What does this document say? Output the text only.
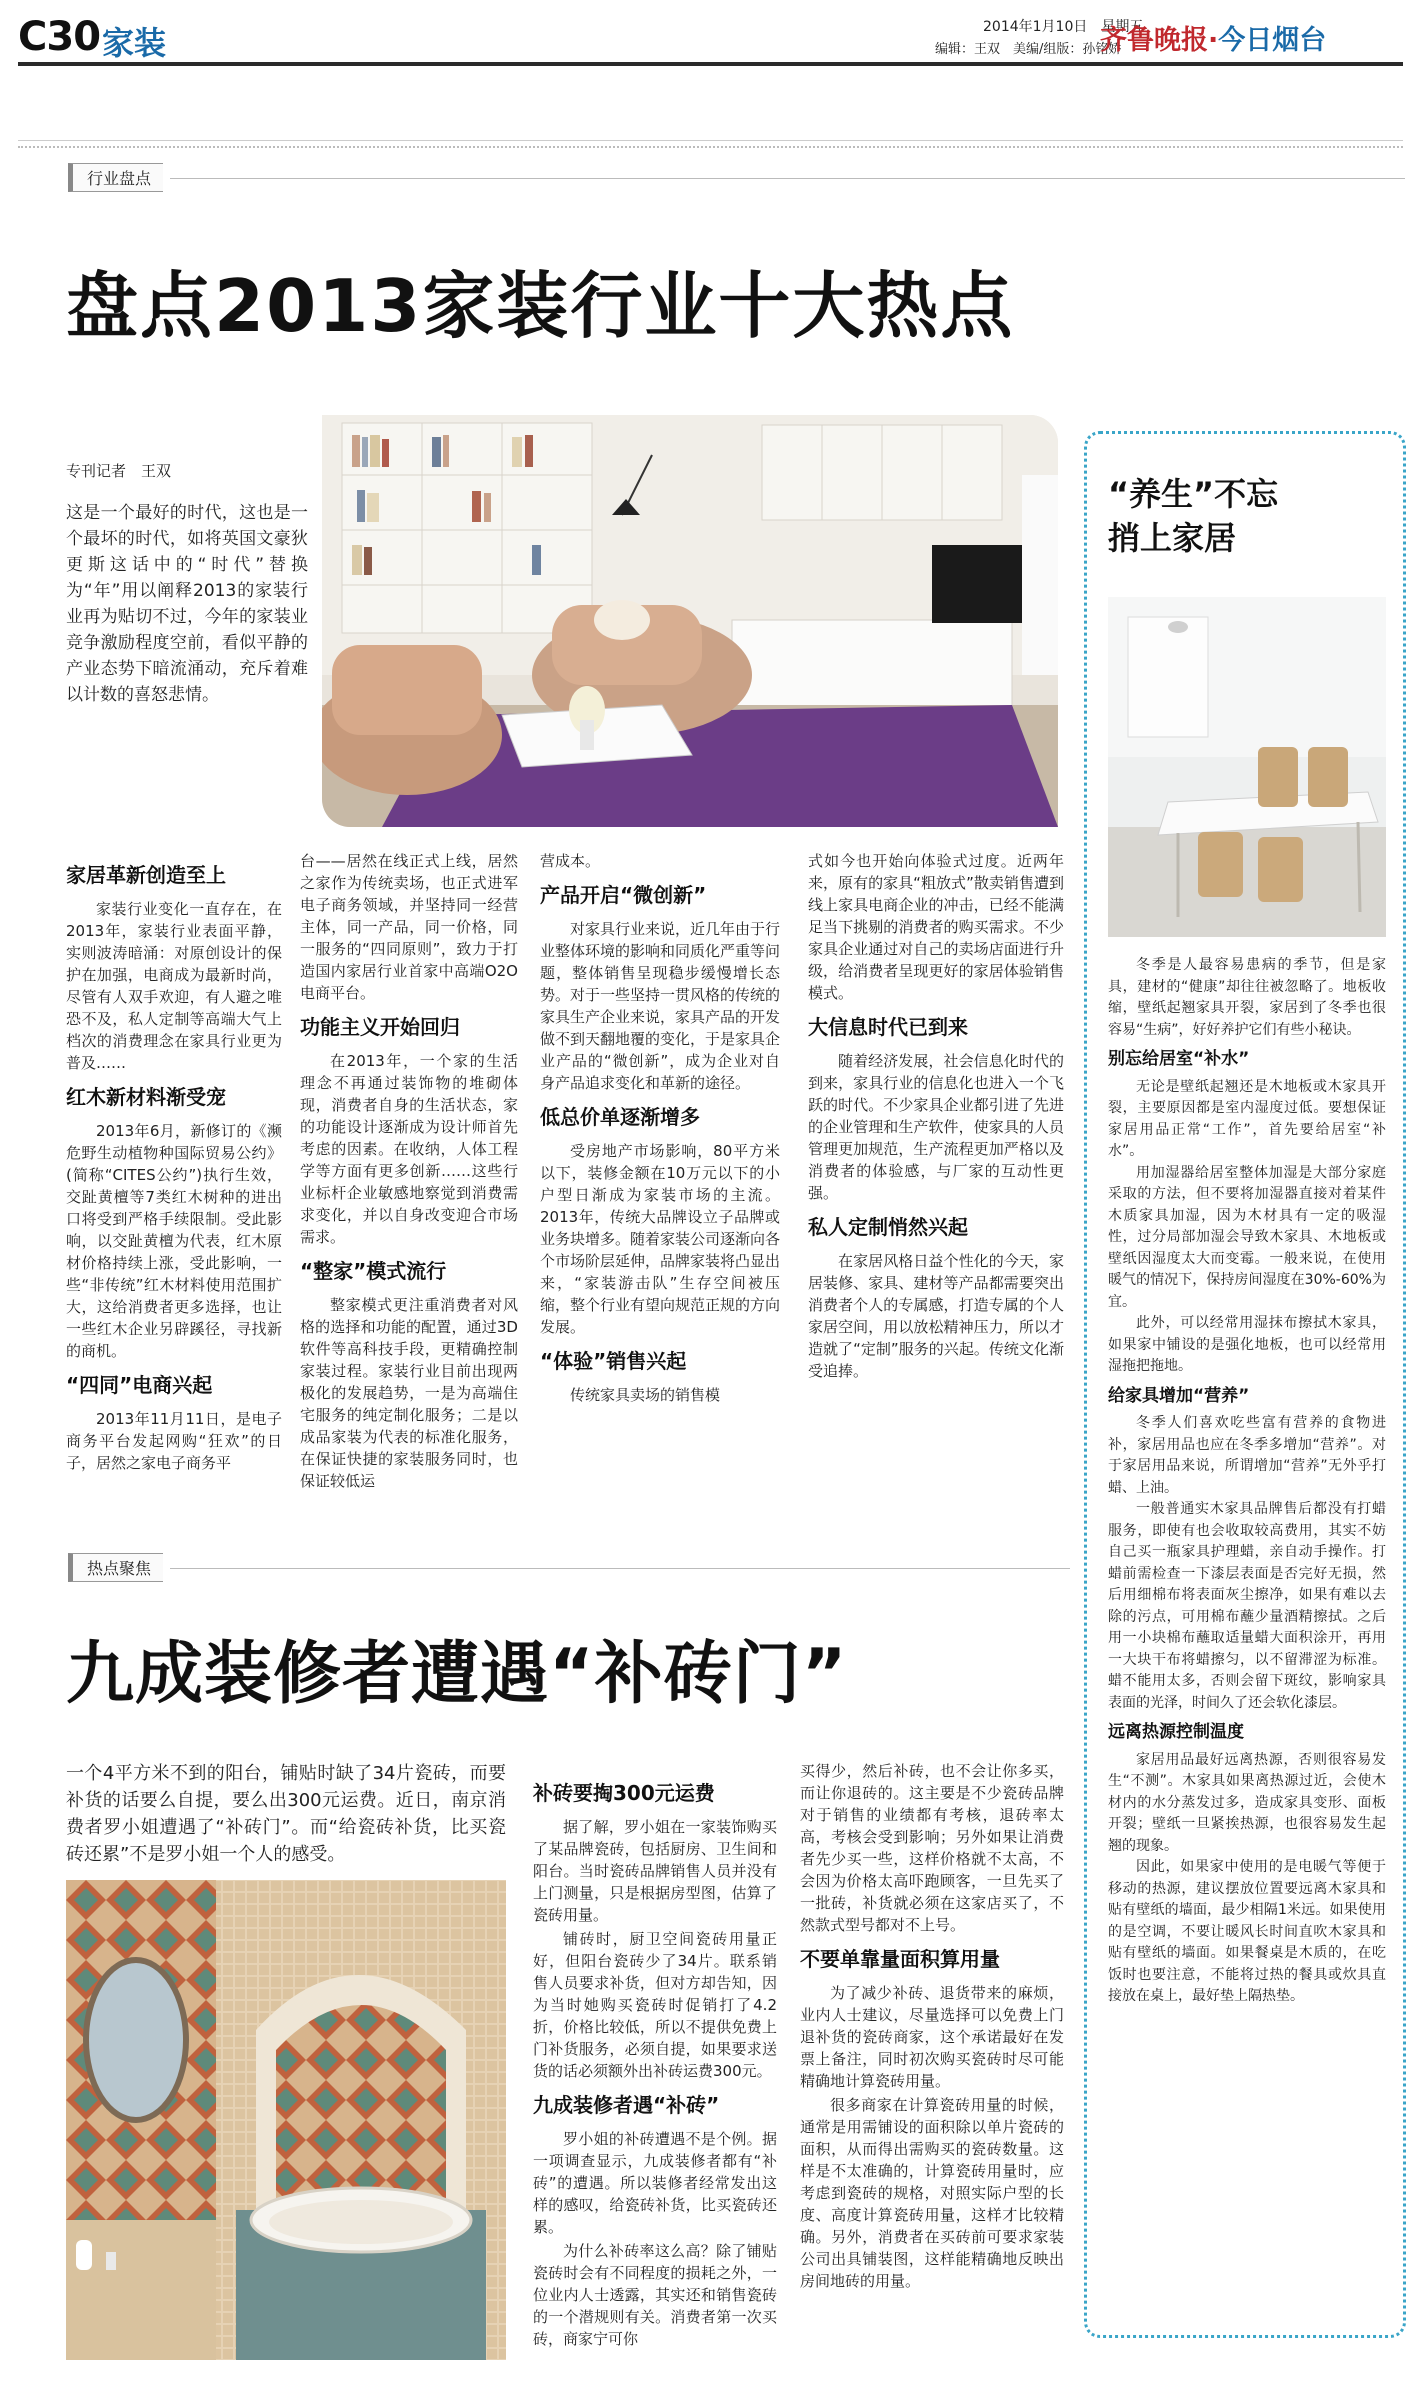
C30 家装	2014年1月10日　星期五
编辑：王双　美编/组版：孙铭娇
齐鲁晚报·今日烟台
行业盘点
盘点2013家装行业十大热点
专刊记者　王双
这是一个最好的时代，这也是一个最坏的时代，如将英国文豪狄更斯这话中的“时代”替换为“年”用以阐释2013的家装行业再为贴切不过，今年的家装业竞争激励程度空前，看似平静的产业态势下暗流涌动，充斥着难以计数的喜怒悲情。
家居革新创造至上

家装行业变化一直存在，在2013年，家装行业表面平静，实则波涛暗涌：对原创设计的保护在加强，电商成为最新时尚，尽管有人双手欢迎，有人避之唯恐不及，私人定制等高端大气上档次的消费理念在家具行业更为普及……

红木新材料渐受宠

2013年6月，新修订的《濒危野生动植物种国际贸易公约》(简称“CITES公约”)执行生效，交趾黄檀等7类红木树种的进出口将受到严格手续限制。受此影响，以交趾黄檀为代表，红木原材价格持续上涨，受此影响，一些“非传统”红木材料使用范围扩大，这给消费者更多选择，也让一些红木企业另辟蹊径，寻找新的商机。

“四同”电商兴起

2013年11月11日，是电子商务平台发起网购“狂欢”的日子，居然之家电子商务平

台——居然在线正式上线，居然之家作为传统卖场，也正式进军电子商务领域，并坚持同一经营主体，同一产品，同一价格，同一服务的“四同原则”，致力于打造国内家居行业首家中高端O2O电商平台。

功能主义开始回归

在2013年，一个家的生活理念不再通过装饰物的堆砌体现，消费者自身的生活状态，家的功能设计逐渐成为设计师首先考虑的因素。在收纳，人体工程学等方面有更多创新……这些行业标杆企业敏感地察觉到消费需求变化，并以自身改变迎合市场需求。

“整家”模式流行

整家模式更注重消费者对风格的选择和功能的配置，通过3D软件等高科技手段，更精确控制家装过程。家装行业目前出现两极化的发展趋势，一是为高端住宅服务的纯定制化服务；二是以成品家装为代表的标准化服务，在保证快捷的家装服务同时，也保证较低运

营成本。

产品开启“微创新”

对家具行业来说，近几年由于行业整体环境的影响和同质化严重等问题，整体销售呈现稳步缓慢增长态势。对于一些坚持一贯风格的传统的家具生产企业来说，家具产品的开发做不到天翻地覆的变化，于是家具企业产品的“微创新”，成为企业对自身产品追求变化和革新的途径。

低总价单逐渐增多

受房地产市场影响，80平方米以下，装修金额在10万元以下的小户型日渐成为家装市场的主流。2013年，传统大品牌设立子品牌或业务块增多。随着家装公司逐渐向各个市场阶层延伸，品牌家装将凸显出来，“家装游击队”生存空间被压缩，整个行业有望向规范正规的方向发展。

“体验”销售兴起

传统家具卖场的销售模

式如今也开始向体验式过度。近两年来，原有的家具“粗放式”散卖销售遭到线上家具电商企业的冲击，已经不能满足当下挑剔的消费者的购买需求。不少家具企业通过对自己的卖场店面进行升级，给消费者呈现更好的家居体验销售模式。

大信息时代已到来

随着经济发展，社会信息化时代的到来，家具行业的信息化也进入一个飞跃的时代。不少家具企业都引进了先进的企业管理和生产软件，使家具的人员管理更加规范，生产流程更加严格以及消费者的体验感，与厂家的互动性更强。

私人定制悄然兴起

在家居风格日益个性化的今天，家居装修、家具、建材等产品都需要突出消费者个人的专属感，打造专属的个人家居空间，用以放松精神压力，所以才造就了“定制”服务的兴起。传统文化渐受追捧。

“养生”不忘
捎上家居

冬季是人最容易患病的季节，但是家具，建材的“健康”却往往被忽略了。地板收缩，壁纸起翘家具开裂，家居到了冬季也很容易“生病”，好好养护它们有些小秘诀。

别忘给居室“补水”

无论是壁纸起翘还是木地板或木家具开裂，主要原因都是室内湿度过低。要想保证家居用品正常“工作”，首先要给居室“补水”。

用加湿器给居室整体加湿是大部分家庭采取的方法，但不要将加湿器直接对着某件木质家具加湿，因为木材具有一定的吸湿性，过分局部加湿会导致木家具、木地板或壁纸因湿度太大而变霉。一般来说，在使用暖气的情况下，保持房间湿度在30%-60%为宜。

此外，可以经常用湿抹布擦拭木家具，如果家中铺设的是强化地板，也可以经常用湿拖把拖地。

给家具增加“营养”

冬季人们喜欢吃些富有营养的食物进补，家居用品也应在冬季多增加“营养”。对于家居用品来说，所谓增加“营养”无外乎打蜡、上油。

一般普通实木家具品牌售后都没有打蜡服务，即使有也会收取较高费用，其实不妨自己买一瓶家具护理蜡，亲自动手操作。打蜡前需检查一下漆层表面是否完好无损，然后用细棉布将表面灰尘擦净，如果有难以去除的污点，可用棉布蘸少量酒精擦拭。之后用一小块棉布蘸取适量蜡大面积涂开，再用一大块干布将蜡擦匀，以不留滞涩为标准。蜡不能用太多，否则会留下斑纹，影响家具表面的光泽，时间久了还会软化漆层。

远离热源控制温度

家居用品最好远离热源，否则很容易发生“不测”。木家具如果离热源过近，会使木材内的水分蒸发过多，造成家具变形、面板开裂；壁纸一旦紧挨热源，也很容易发生起翘的现象。

因此，如果家中使用的是电暖气等便于移动的热源，建议摆放位置要远离木家具和贴有壁纸的墙面，最少相隔1米远。如果使用的是空调，不要让暖风长时间直吹木家具和贴有壁纸的墙面。如果餐桌是木质的，在吃饭时也要注意，不能将过热的餐具或炊具直接放在桌上，最好垫上隔热垫。

热点聚焦
九成装修者遭遇“补砖门”
一个4平方米不到的阳台，铺贴时缺了34片瓷砖，而要补货的话要么自提，要么出300元运费。近日，南京消费者罗小姐遭遇了“补砖门”。而“给瓷砖补货，比买瓷砖还累”不是罗小姐一个人的感受。
补砖要掏300元运费

据了解，罗小姐在一家装饰购买了某品牌瓷砖，包括厨房、卫生间和阳台。当时瓷砖品牌销售人员并没有上门测量，只是根据房型图，估算了瓷砖用量。

铺砖时，厨卫空间瓷砖用量正好，但阳台瓷砖少了34片。联系销售人员要求补货，但对方却告知，因为当时她购买瓷砖时促销打了4.2折，价格比较低，所以不提供免费上门补货服务，必须自提，如果要求送货的话必须额外出补砖运费300元。

九成装修者遇“补砖”

罗小姐的补砖遭遇不是个例。据一项调查显示，九成装修者都有“补砖”的遭遇。所以装修者经常发出这样的感叹，给瓷砖补货，比买瓷砖还累。

为什么补砖率这么高？除了铺贴瓷砖时会有不同程度的损耗之外，一位业内人士透露，其实还和销售瓷砖的一个潜规则有关。消费者第一次买砖，商家宁可你

买得少，然后补砖，也不会让你多买，而让你退砖的。这主要是不少瓷砖品牌对于销售的业绩都有考核，退砖率太高，考核会受到影响；另外如果让消费者先少买一些，这样价格就不太高，不会因为价格太高吓跑顾客，一旦先买了一批砖，补货就必须在这家店买了，不然款式型号都对不上号。

不要单靠量面积算用量

为了减少补砖、退货带来的麻烦，业内人士建议，尽量选择可以免费上门退补货的瓷砖商家，这个承诺最好在发票上备注，同时初次购买瓷砖时尽可能精确地计算瓷砖用量。

很多商家在计算瓷砖用量的时候，通常是用需铺设的面积除以单片瓷砖的面积，从而得出需购买的瓷砖数量。这样是不太准确的，计算瓷砖用量时，应考虑到瓷砖的规格，对照实际户型的长度、高度计算瓷砖用量，这样才比较精确。另外，消费者在买砖前可要求家装公司出具铺装图，这样能精确地反映出房间地砖的用量。
